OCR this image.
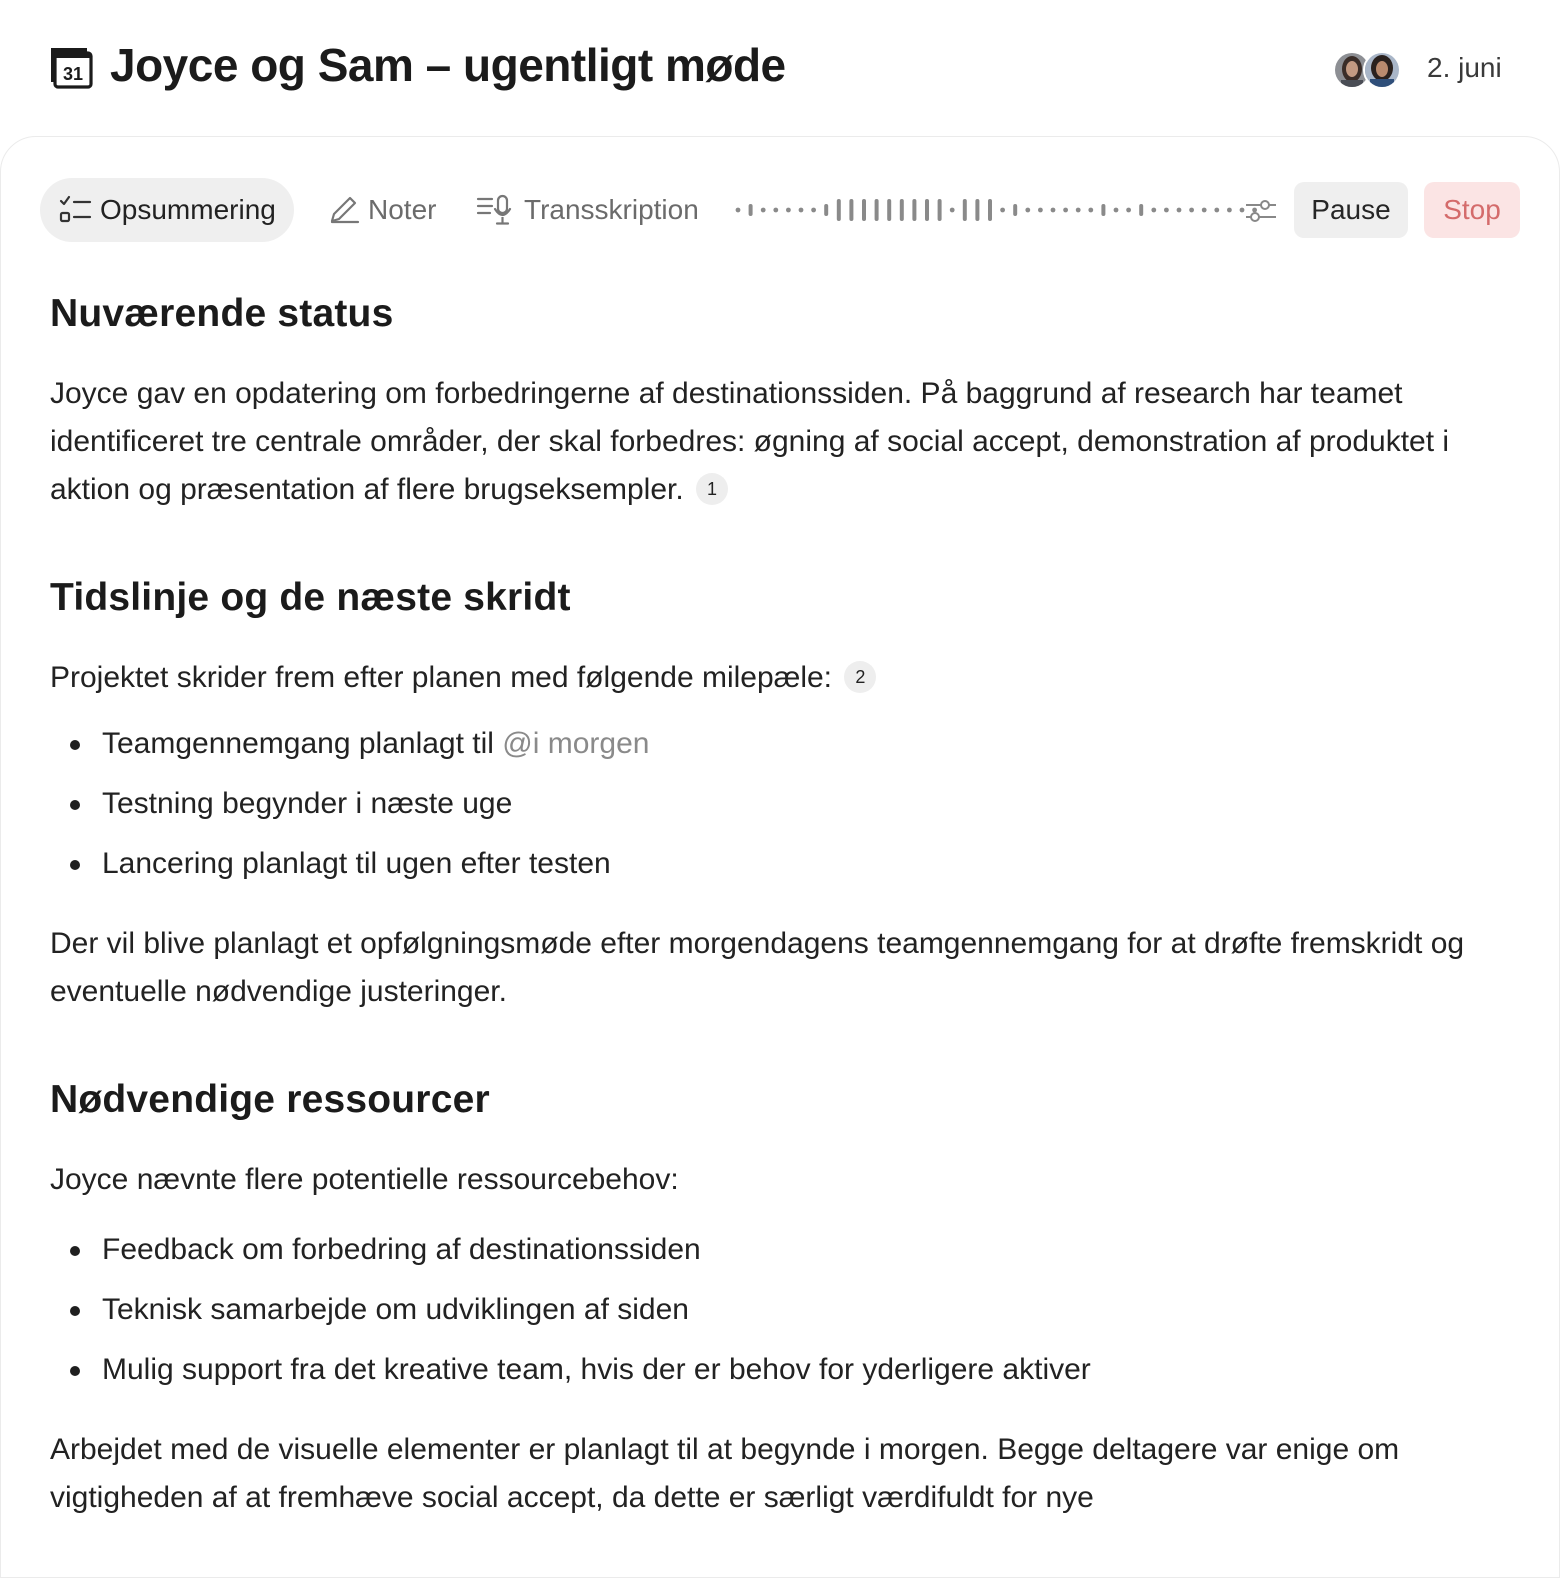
31 Joyce og Sam – ugentligt møde	2. juni
Opsummering	Noter	Transskription	Pause	Stop
Nuværende status

Joyce gav en opdatering om forbedringerne af destinationssiden. På baggrund af research har teamet identificeret tre centrale områder, der skal forbedres: øgning af social accept, demonstration af produktet i aktion og præsentation af flere brugseksempler. 1

Tidslinje og de næste skridt

Projektet skrider frem efter planen med følgende milepæle: 2

Teamgennemgang planlagt til @i morgen
Testning begynder i næste uge
Lancering planlagt til ugen efter testen

Der vil blive planlagt et opfølgningsmøde efter morgendagens teamgennemgang for at drøfte fremskridt og eventuelle nødvendige justeringer.

Nødvendige ressourcer

Joyce nævnte flere potentielle ressourcebehov:

Feedback om forbedring af destinationssiden
Teknisk samarbejde om udviklingen af siden
Mulig support fra det kreative team, hvis der er behov for yderligere aktiver

Arbejdet med de visuelle elementer er planlagt til at begynde i morgen. Begge deltagere var enige om vigtigheden af at fremhæve social accept, da dette er særligt værdifuldt for nye
